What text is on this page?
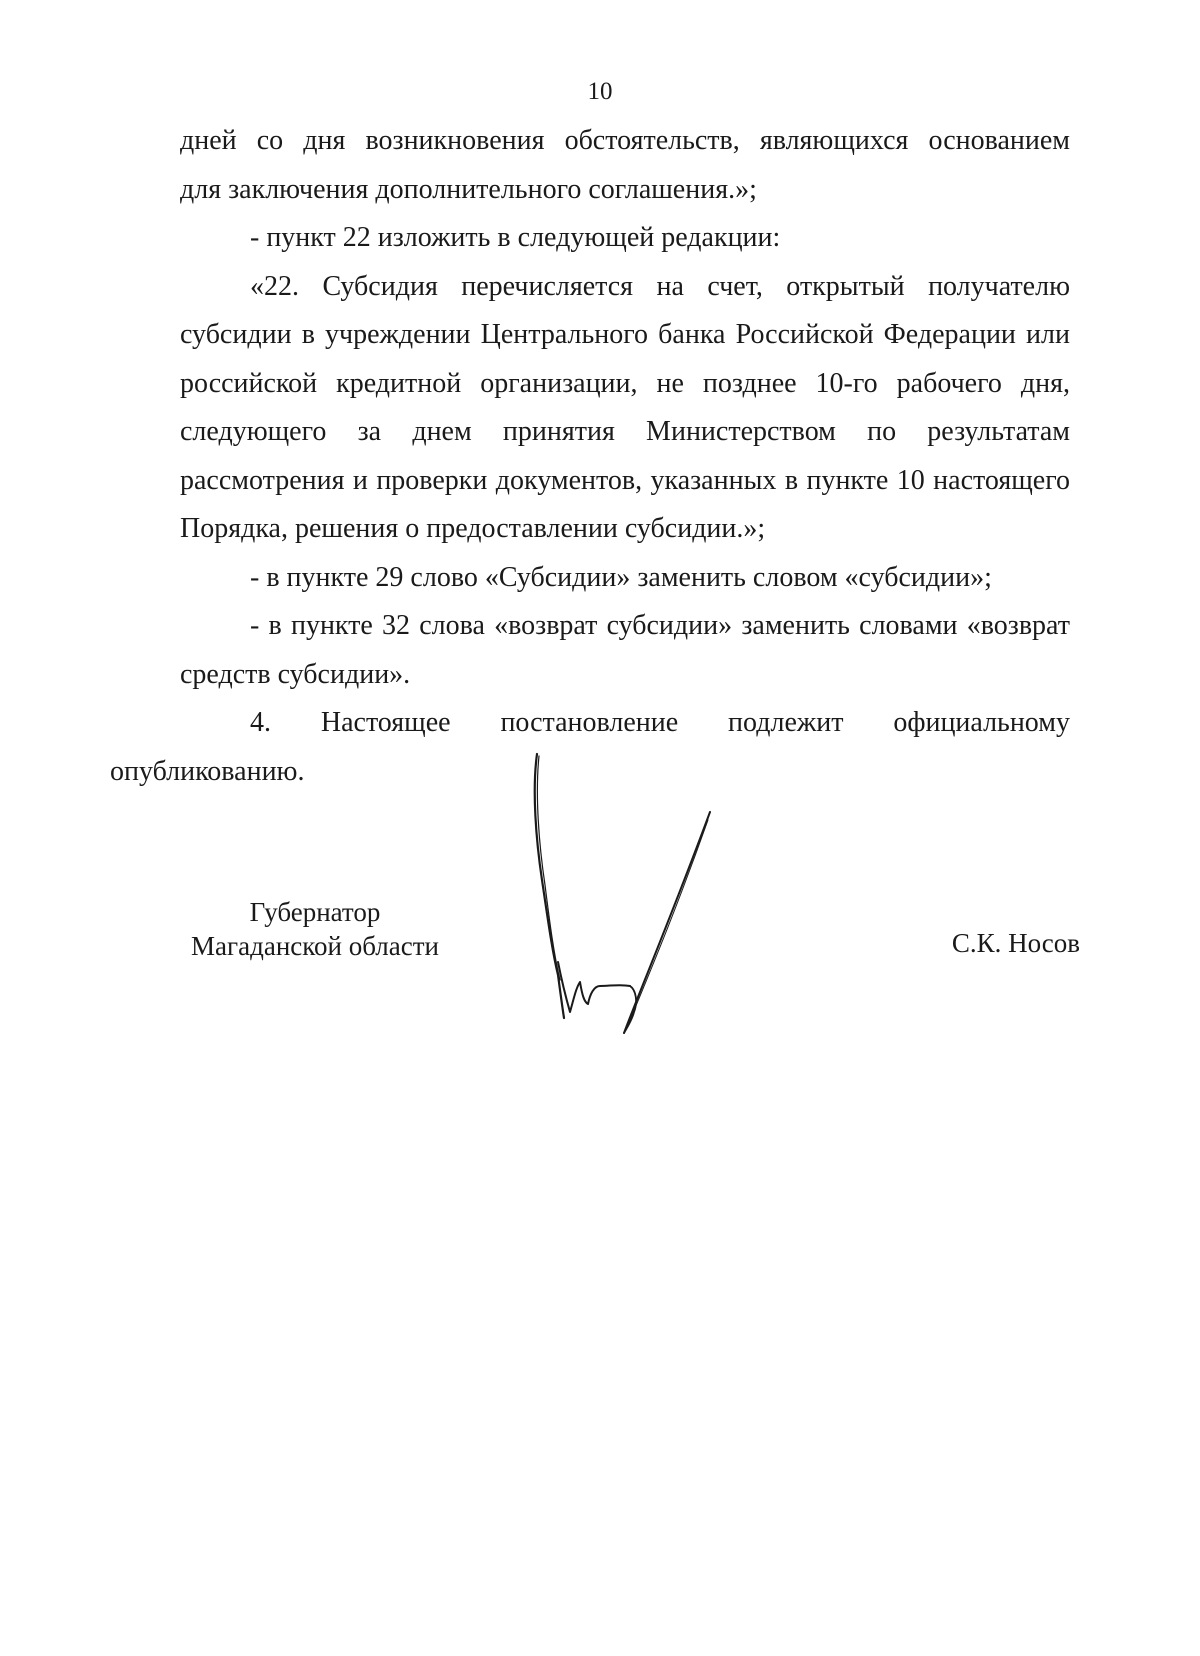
10

дней со дня возникновения обстоятельств, являющихся основанием
для заключения дополнительного соглашения.»;

- пункт 22 изложить в следующей редакции:

«22. Субсидия перечисляется на счет, открытый получателю субсидии в учреждении Центрального банка Российской Федерации или российской кредитной организации, не позднее 10-го рабочего дня, следующего за днем принятия Министерством по результатам рассмотрения и проверки документов, указанных в пункте 10 настоящего Порядка, решения о предоставлении субсидии.»;

- в пункте 29 слово «Субсидии» заменить словом «субсидии»;

- в пункте 32 слова «возврат субсидии» заменить словами «возврат средств субсидии».

4. Настоящее постановление подлежит официальному
опубликованию.

Губернатор
Магаданской области	С.К. Носов
